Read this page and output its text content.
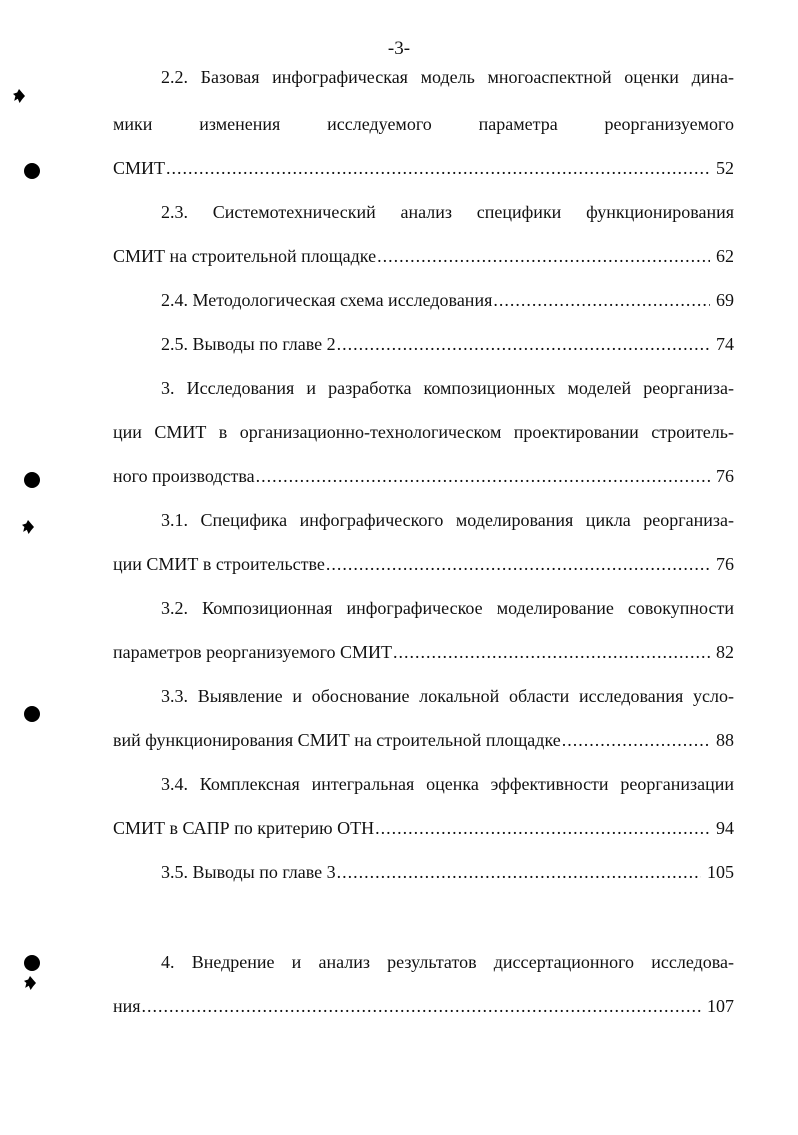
-3-
2.2. Базовая инфографическая модель многоаспектной оценки дина-
мики изменения исследуемого параметра реорганизуемого
СМИТ .....	52
2.3. Системотехнический анализ специфики функционирования
СМИТ на строительной площадке .....	62
2.4. Методологическая схема исследования .....	69
2.5. Выводы по главе 2 .....	74
3. Исследования и разработка композиционных моделей реорганиза-
ции СМИТ в организационно-технологическом проектировании строитель-
ного производства .....	76
3.1. Специфика инфографического моделирования цикла реорганиза-
ции СМИТ в строительстве .....	76
3.2. Композиционная инфографическое моделирование совокупности
параметров реорганизуемого СМИТ .....	82
3.3. Выявление и обоснование локальной области исследования усло-
вий функционирования СМИТ на строительной площадке .....	88
3.4. Комплексная интегральная оценка эффективности реорганизации
СМИТ в САПР по критерию ОТН .....	94
3.5. Выводы по главе 3 .....	105
4. Внедрение и анализ результатов диссертационного исследова-
ния .....	107
